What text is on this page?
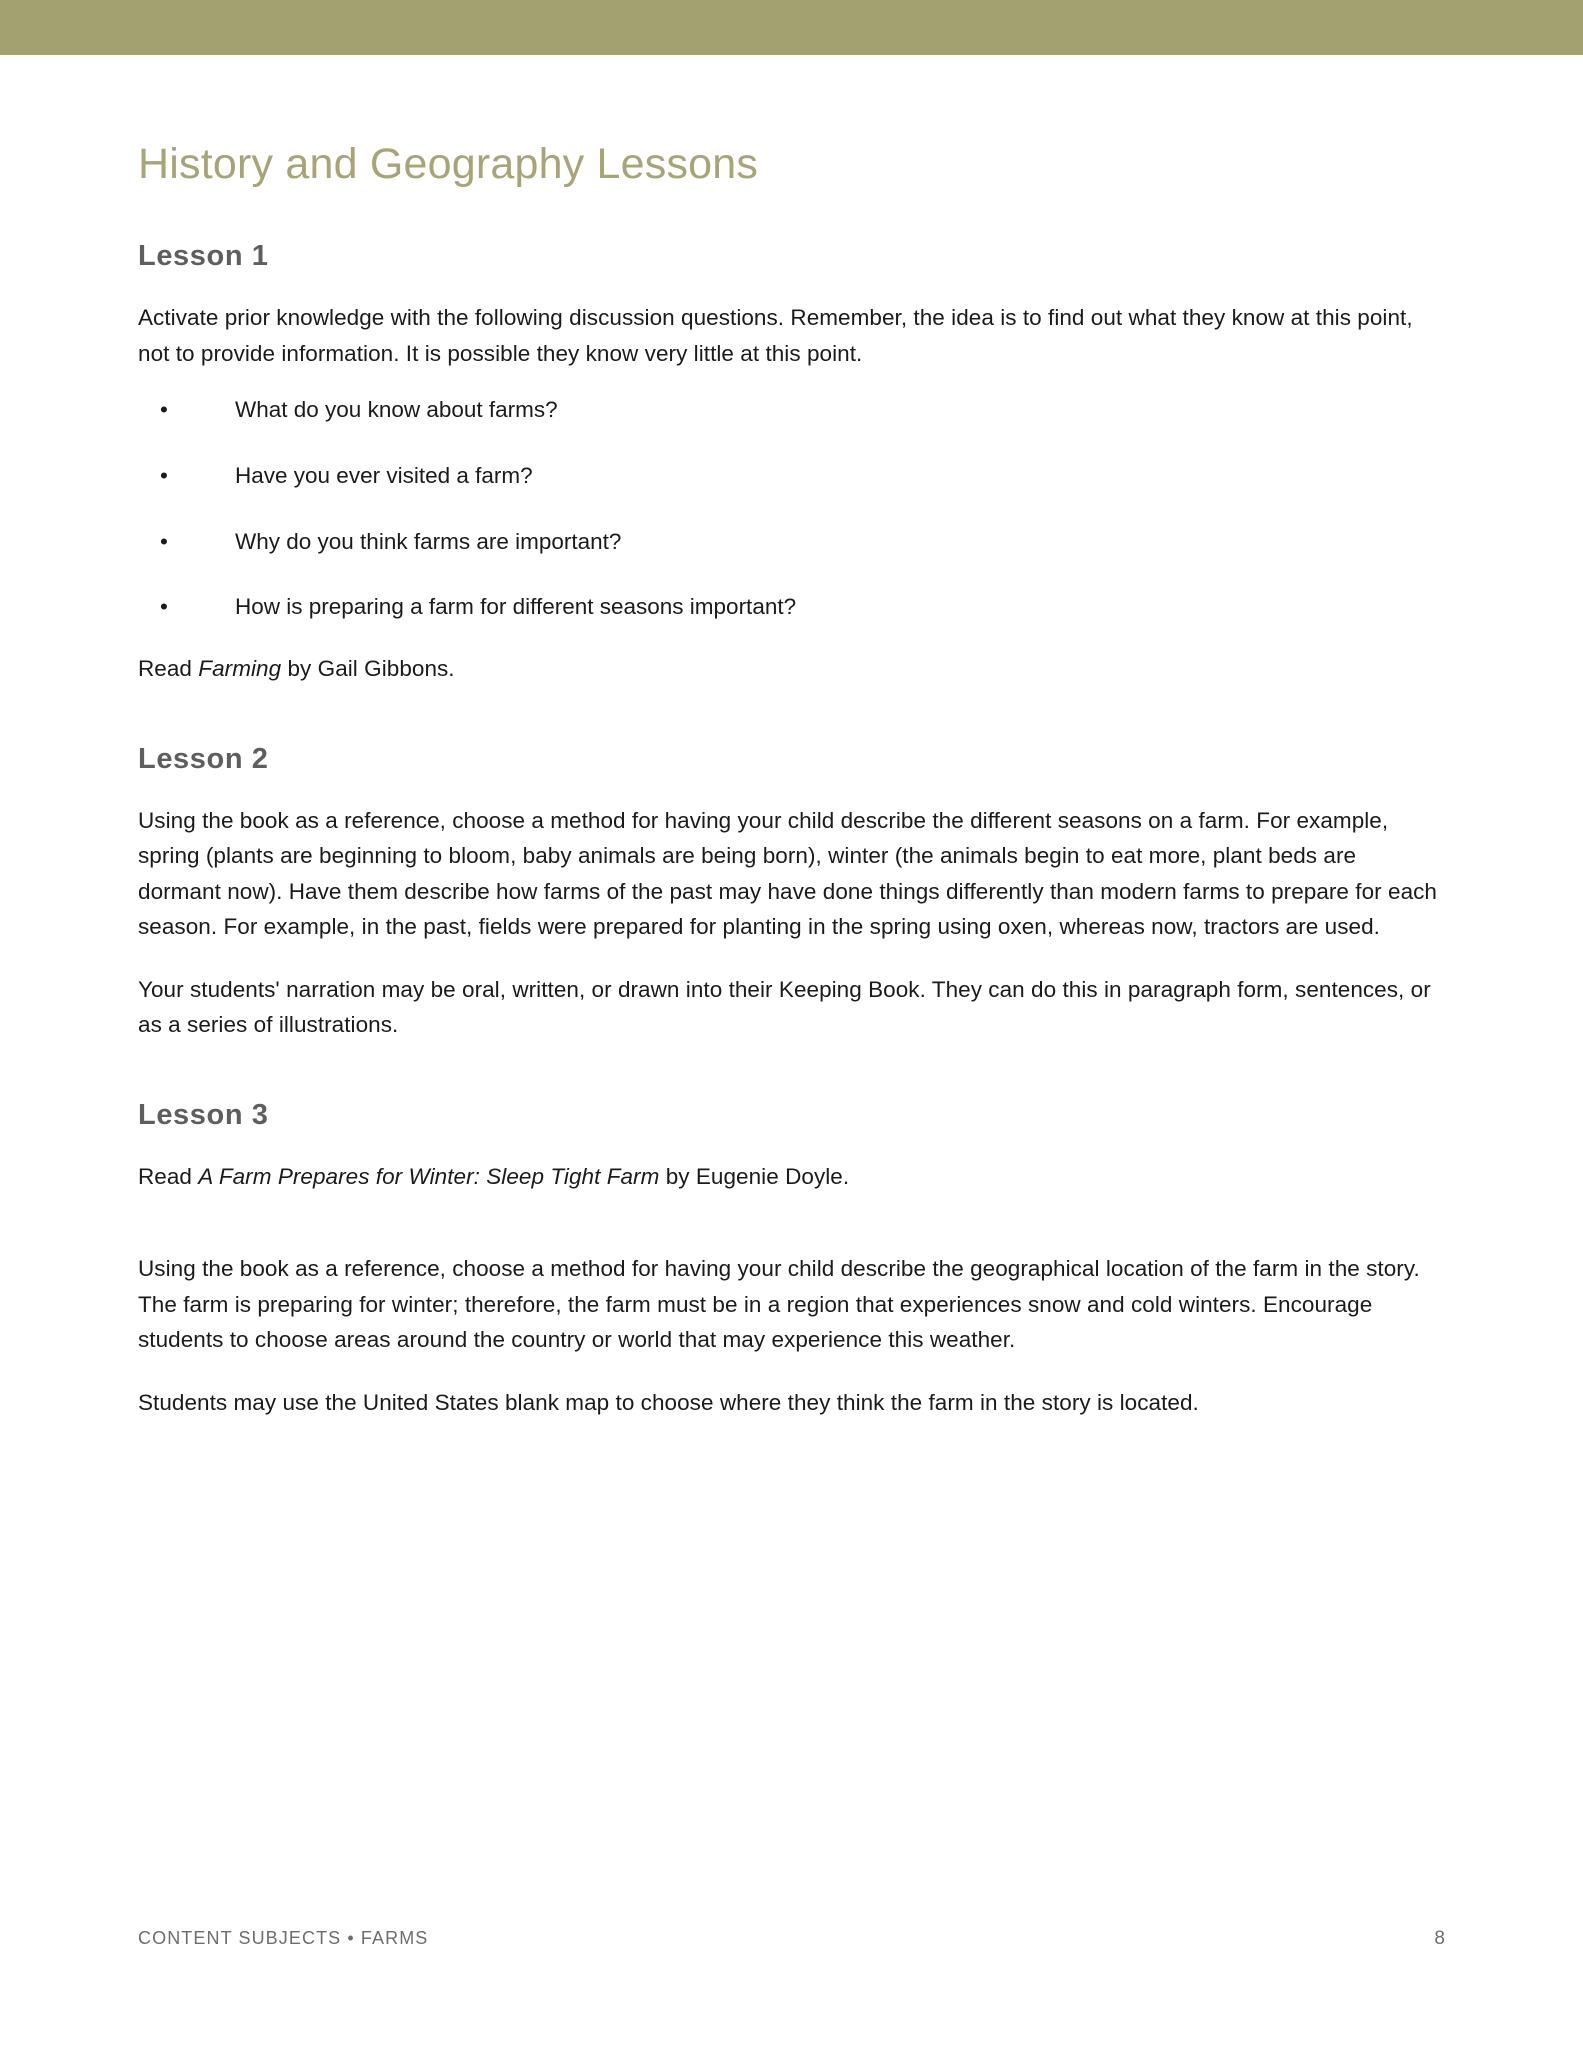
History and Geography Lessons
Lesson 1

Activate prior knowledge with the following discussion questions. Remember, the idea is to find out what they know at this point, not to provide information. It is possible they know very little at this point.

•	What do you know about farms?
•	Have you ever visited a farm?
•	Why do you think farms are important?
•	How is preparing a farm for different seasons important?

Read Farming by Gail Gibbons.

Lesson 2

Using the book as a reference, choose a method for having your child describe the different seasons on a farm. For example, spring (plants are beginning to bloom, baby animals are being born), winter (the animals begin to eat more, plant beds are dormant now). Have them describe how farms of the past may have done things differently than modern farms to prepare for each season. For example, in the past, fields were prepared for planting in the spring using oxen, whereas now, tractors are used.

Your students' narration may be oral, written, or drawn into their Keeping Book. They can do this in paragraph form, sentences, or as a series of illustrations.

Lesson 3

Read A Farm Prepares for Winter: Sleep Tight Farm by Eugenie Doyle.

Using the book as a reference, choose a method for having your child describe the geographical location of the farm in the story. The farm is preparing for winter; therefore, the farm must be in a region that experiences snow and cold winters. Encourage students to choose areas around the country or world that may experience this weather.

Students may use the United States blank map to choose where they think the farm in the story is located.

CONTENT SUBJECTS • FARMS	8
